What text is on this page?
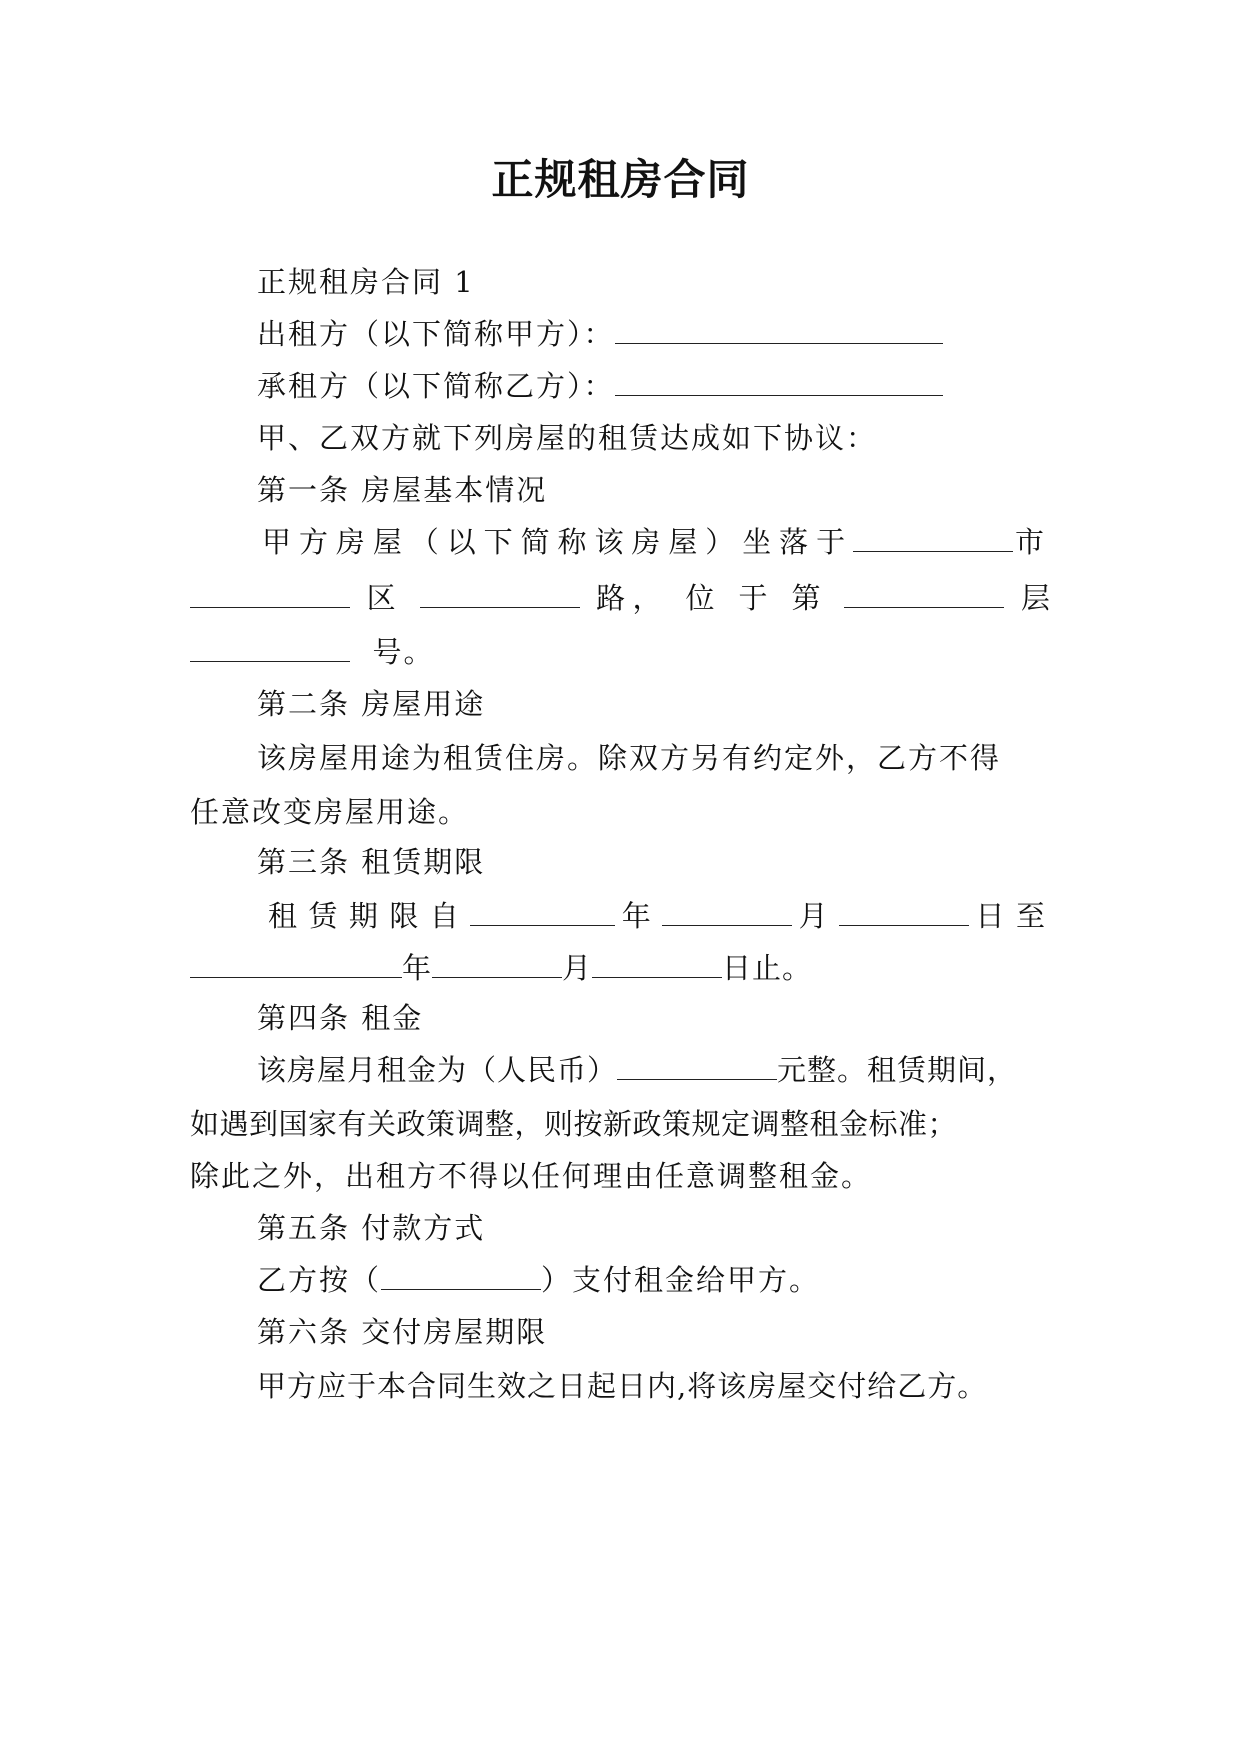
正规租房合同
正规租房合同 1
出租方（以下简称甲方）：
承租方（以下简称乙方）：
甲、乙双方就下列房屋的租赁达成如下协议：
第一条 房屋基本情况
甲方房屋（以下简称该房屋）坐落于	市
区	路， 位 于 第	层
号。
第二条 房屋用途
该房屋用途为租赁住房。除双方另有约定外，乙方不得
任意改变房屋用途。
第三条 租赁期限
租赁期限自	年	月	日至
年	月	日止。
第四条 租金
该房屋月租金为（人民币）	元整。租赁期间，
如遇到国家有关政策调整，则按新政策规定调整租金标准；
除此之外，出租方不得以任何理由任意调整租金。
第五条 付款方式
乙方按（	）支付租金给甲方。
第六条 交付房屋期限
甲方应于本合同生效之日起日内,将该房屋交付给乙方。
